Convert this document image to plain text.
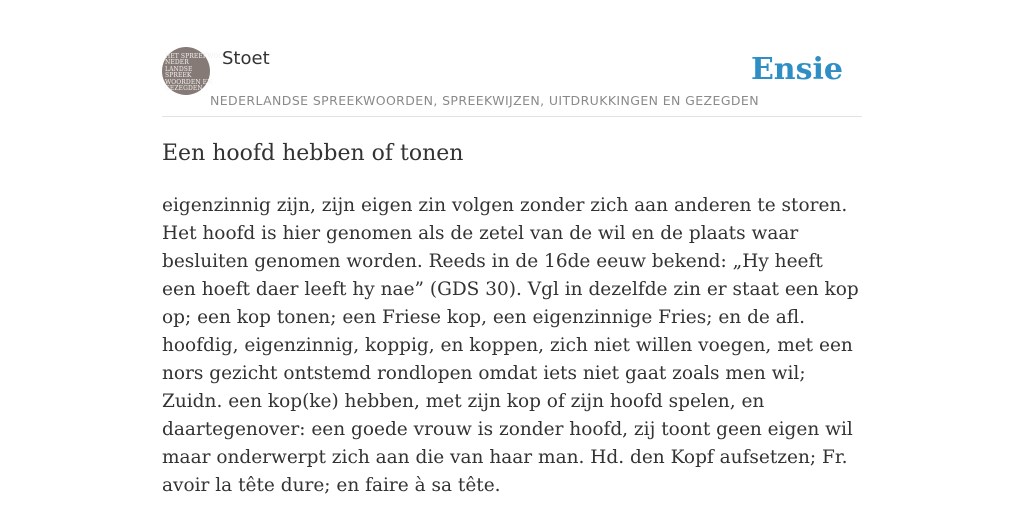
HET SPREEKWOORDEN
NEDER
LANDSE
SPREEK
WOORDEN EN
GEZEGDEN
Stoet
NEDERLANDSE SPREEKWOORDEN, SPREEKWIJZEN, UITDRUKKINGEN EN GEZEGDEN
Ensie
Een hoofd hebben of tonen

eigenzinnig zijn, zijn eigen zin volgen zonder zich aan anderen te storen. Het hoofd is hier genomen als de zetel van de wil en de plaats waar besluiten genomen worden. Reeds in de 16de eeuw bekend: „Hy heeft een hoeft daer leeft hy nae” (GDS 30). Vgl in dezelfde zin er staat een kop op; een kop tonen; een Friese kop, een eigenzinnige Fries; en de afl. hoofdig, eigenzinnig, koppig, en koppen, zich niet willen voegen, met een nors gezicht ontstemd rondlopen omdat iets niet gaat zoals men wil; Zuidn. een kop(ke) hebben, met zijn kop of zijn hoofd spelen, en daartegenover: een goede vrouw is zonder hoofd, zij toont geen eigen wil maar onderwerpt zich aan die van haar man. Hd. den Kopf aufsetzen; Fr. avoir la tête dure; en faire à sa tête.
